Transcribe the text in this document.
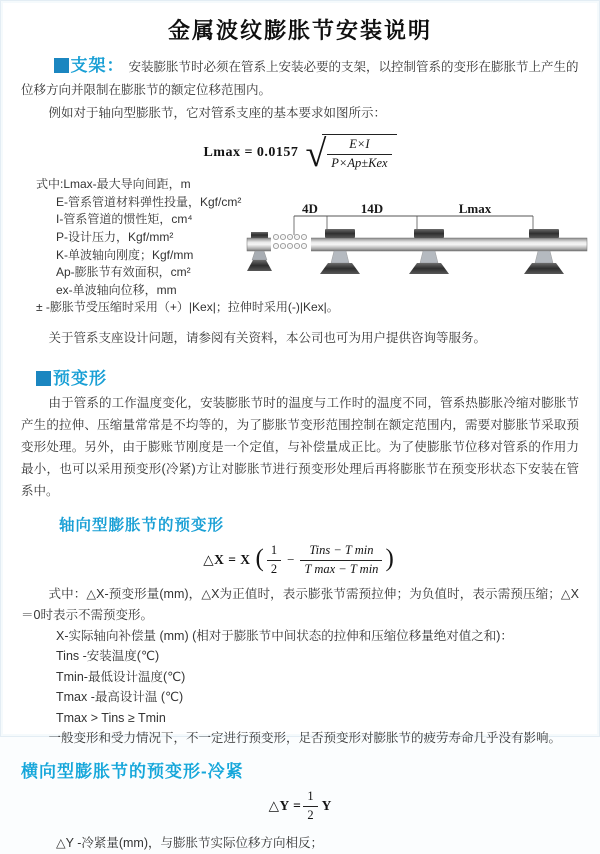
金属波纹膨胀节安装说明

支架： 安装膨胀节时必须在管系上安装必要的支架，以控制管系的变形在膨胀节上产生的位移方向并限制在膨胀节的额定位移范围内。

例如对于轴向型膨胀节，它对管系支座的基本要求如图所示：

Lmax = 0.0157 √ $\frac{E\times I}{\text{P×Ap±Kex}}$
式中:Lmax-最大导向间距，m
E-管系管道材料弹性投量，Kgf/cm²
I-管系管道的惯性矩，cm⁴
P-设计压力，Kgf/mm²
K-单波轴向刚度；Kgf/mm
Ap-膨胀节有效面积，cm²
ex-单波轴向位移，mm
± -膨胀节受压缩时采用（+）|Kex|；拉伸时采用(-)|Kex|。
4D	14D	Lmax

关于管系支座设计问题，请参阅有关资料，本公司也可为用户提供咨询等服务。

预变形

由于管系的工作温度变化，安装膨胀节时的温度与工作时的温度不同，管系热膨胀冷缩对膨胀节产生的拉伸、压缩量常常是不均等的，为了膨胀节变形范围控制在额定范围内，需要对膨胀节采取预变形处理。另外，由于膨账节刚度是一个定值，与补偿量成正比。为了使膨胀节位移对管系的作用力最小，也可以采用预变形(冷紧)方让对膨胀节进行预变形处理后再将膨胀节在预变形状态下安装在管系中。

轴向型膨胀节的预变形
△X = X ( $\frac{1}{2} - \frac{\text{Tins − T min}}{\text{T max − T min}}$ )

式中：△X-预变形量(mm)，△X为正值时，表示膨张节需预拉伸；为负值时，表示需预压缩；△X＝0时表示不需预变形。

X-实际轴向补偿量 (mm) (相对于膨胀节中间状态的拉伸和压缩位移量绝对值之和)：
Tins -安装温度(℃)
Tmin-最低设计温度(℃)
Tmax -最高设计温 (℃)
Tmax > Tins ≥ Tmin

一般变形和受力情况下，不一定进行预变形，足否预变形对膨胀节的疲劳寿命几乎没有影响。

横向型膨胀节的预变形-冷紧
△Y = $\frac{1}{2}$ Y

△Y -冷紧量(mm)，与膨胀节实际位移方向相反；
